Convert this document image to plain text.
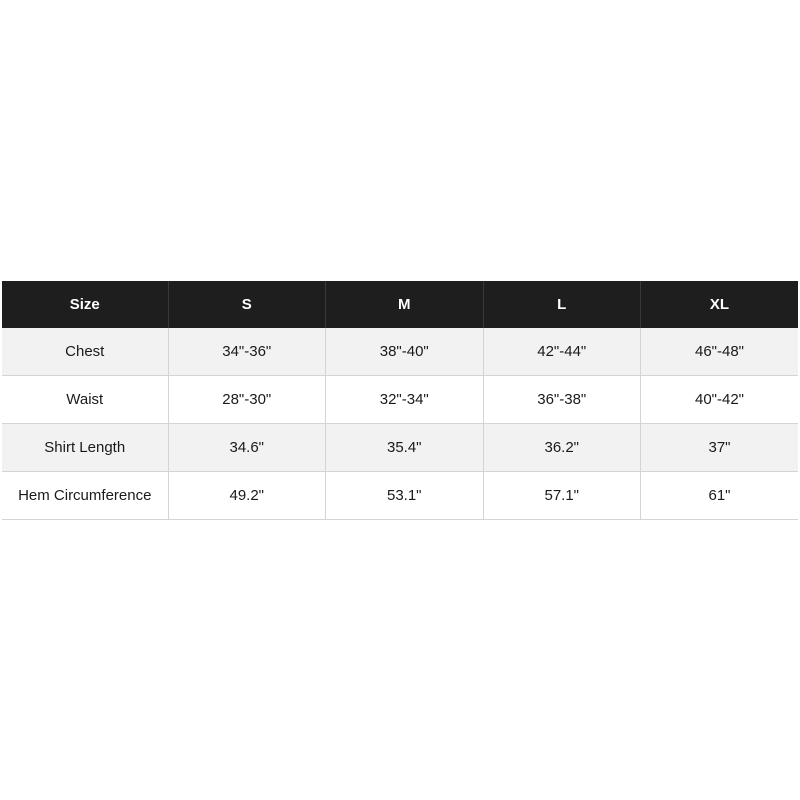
Size	S	M	L	XL
Chest	34"-36"	38"-40"	42"-44"	46"-48"
Waist	28"-30"	32"-34"	36"-38"	40"-42"
Shirt Length	34.6"	35.4"	36.2"	37"
Hem Circumference	49.2"	53.1"	57.1"	61"
